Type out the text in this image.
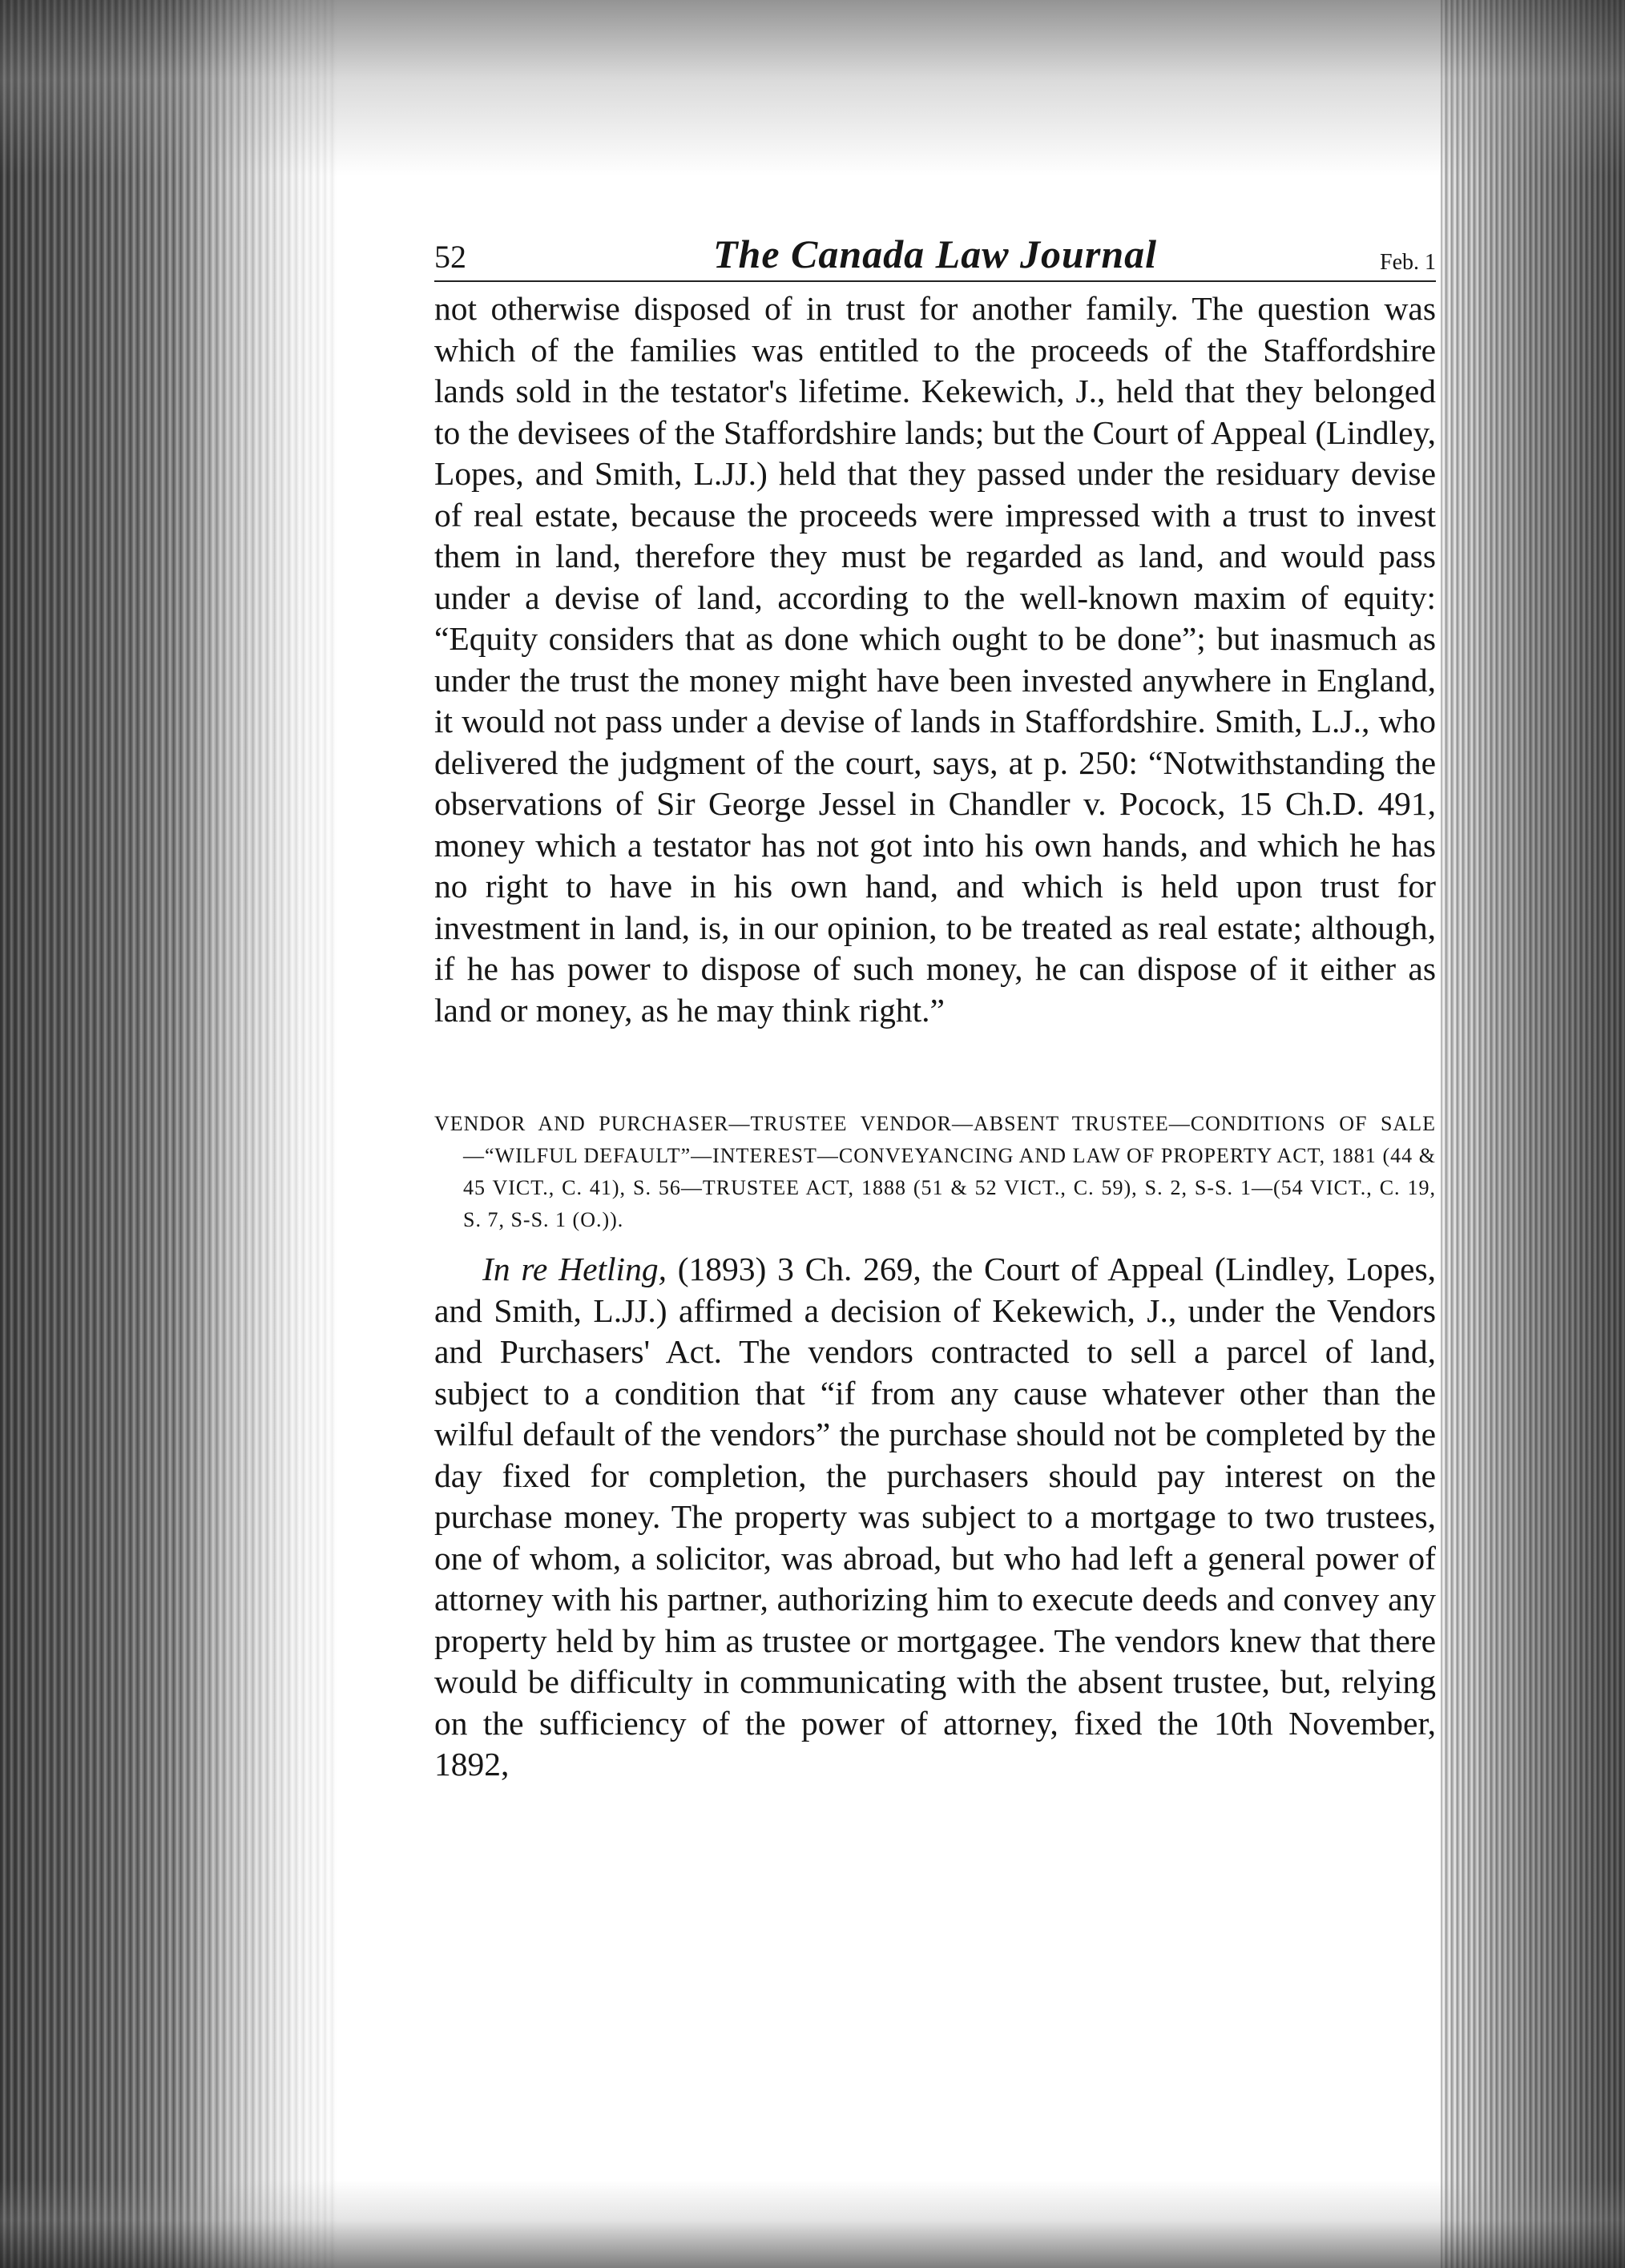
52	The Canada Law Journal	Feb. 1

not otherwise disposed of in trust for another family. The question was which of the families was entitled to the proceeds of the Staffordshire lands sold in the testator's lifetime. Kekewich, J., held that they belonged to the devisees of the Staffordshire lands; but the Court of Appeal (Lindley, Lopes, and Smith, L.JJ.) held that they passed under the residuary devise of real estate, because the proceeds were impressed with a trust to invest them in land, therefore they must be regarded as land, and would pass under a devise of land, according to the well-known maxim of equity: “Equity considers that as done which ought to be done”; but inasmuch as under the trust the money might have been invested anywhere in England, it would not pass under a devise of lands in Staffordshire. Smith, L.J., who delivered the judgment of the court, says, at p. 250: “Notwithstanding the observations of Sir George Jessel in Chandler v. Pocock, 15 Ch.D. 491, money which a testator has not got into his own hands, and which he has no right to have in his own hand, and which is held upon trust for investment in land, is, in our opinion, to be treated as real estate; although, if he has power to dispose of such money, he can dispose of it either as land or money, as he may think right.”

VENDOR AND PURCHASER—TRUSTEE VENDOR—ABSENT TRUSTEE—CONDITIONS OF SALE—“WILFUL DEFAULT”—INTEREST—CONVEYANCING AND LAW OF PROPERTY ACT, 1881 (44 & 45 VICT., C. 41), S. 56—TRUSTEE ACT, 1888 (51 & 52 VICT., C. 59), S. 2, S-S. 1—(54 VICT., C. 19, S. 7, S-S. 1 (O.)).

In re Hetling, (1893) 3 Ch. 269, the Court of Appeal (Lindley, Lopes, and Smith, L.JJ.) affirmed a decision of Kekewich, J., under the Vendors and Purchasers' Act. The vendors contracted to sell a parcel of land, subject to a condition that “if from any cause whatever other than the wilful default of the vendors” the purchase should not be completed by the day fixed for completion, the purchasers should pay interest on the purchase money. The property was subject to a mortgage to two trustees, one of whom, a solicitor, was abroad, but who had left a general power of attorney with his partner, authorizing him to execute deeds and convey any property held by him as trustee or mortgagee. The vendors knew that there would be difficulty in communicating with the absent trustee, but, relying on the sufficiency of the power of attorney, fixed the 10th November, 1892,
